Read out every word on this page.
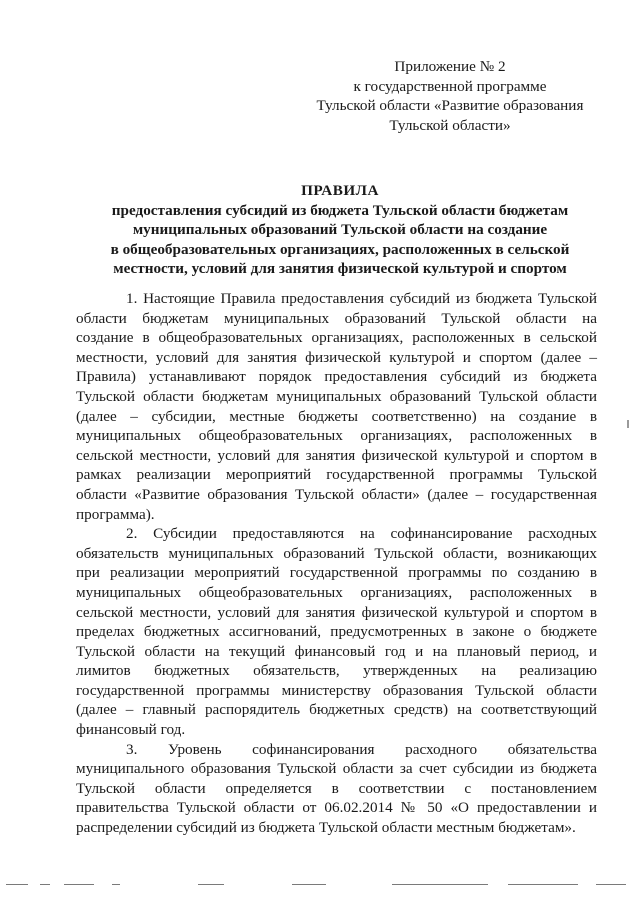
Приложение № 2
к государственной программе
Тульской области «Развитие образования
Тульской области»
ПРАВИЛА
предоставления субсидий из бюджета Тульской области бюджетам
муниципальных образований Тульской области на создание
в общеобразовательных организациях, расположенных в сельской
местности, условий для занятия физической культурой и спортом
1. Настоящие Правила предоставления субсидий из бюджета Тульской
области бюджетам муниципальных образований Тульской области на
создание в общеобразовательных организациях, расположенных в сельской
местности, условий для занятия физической культурой и спортом (далее –
Правила) устанавливают порядок предоставления субсидий из бюджета
Тульской области бюджетам муниципальных образований Тульской области
(далее – субсидии, местные бюджеты соответственно) на создание в
муниципальных общеобразовательных организациях, расположенных в
сельской местности, условий для занятия физической культурой и спортом в
рамках реализации мероприятий государственной программы Тульской
области «Развитие образования Тульской области» (далее – государственная
программа).
2. Субсидии предоставляются на софинансирование расходных
обязательств муниципальных образований Тульской области, возникающих
при реализации мероприятий государственной программы по созданию в
муниципальных общеобразовательных организациях, расположенных в
сельской местности, условий для занятия физической культурой и спортом в
пределах бюджетных ассигнований, предусмотренных в законе о бюджете
Тульской области на текущий финансовый год и на плановый период, и
лимитов бюджетных обязательств, утвержденных на реализацию
государственной программы министерству образования Тульской области
(далее – главный распорядитель бюджетных средств) на соответствующий
финансовый год.
3. Уровень софинансирования расходного обязательства
муниципального образования Тульской области за счет субсидии из бюджета
Тульской области определяется в соответствии с постановлением
правительства Тульской области от 06.02.2014 № 50 «О предоставлении и
распределении субсидий из бюджета Тульской области местным бюджетам».
